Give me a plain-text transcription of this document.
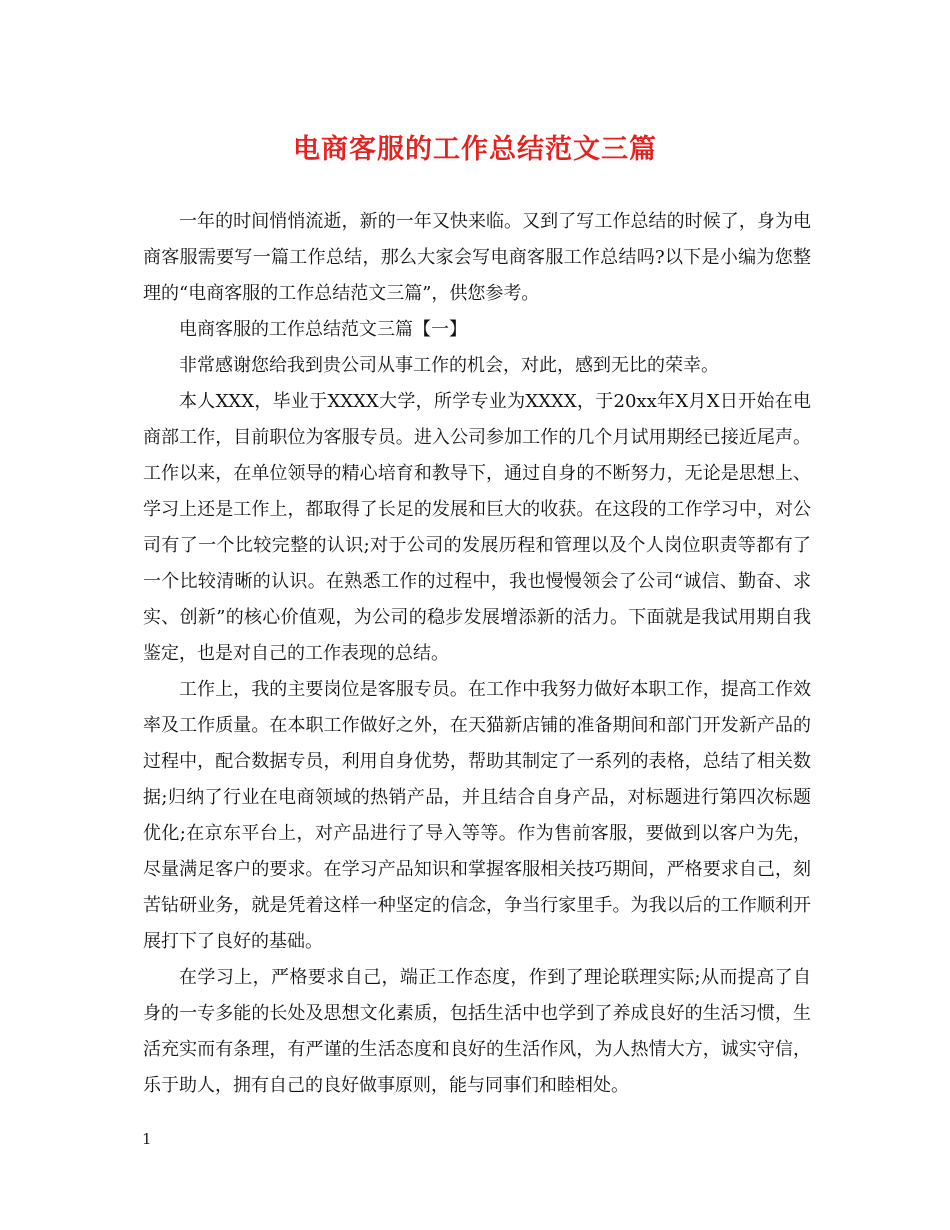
电商客服的工作总结范文三篇

一年的时间悄悄流逝，新的一年又快来临。又到了写工作总结的时候了，身为电商客服需要写一篇工作总结，那么大家会写电商客服工作总结吗?以下是小编为您整理的“电商客服的工作总结范文三篇”，供您参考。

电商客服的工作总结范文三篇【一】

非常感谢您给我到贵公司从事工作的机会，对此，感到无比的荣幸。

本人XXX，毕业于XXXX大学，所学专业为XXXX，于20xx年X月X日开始在电商部工作，目前职位为客服专员。进入公司参加工作的几个月试用期经已接近尾声。工作以来，在单位领导的精心培育和教导下，通过自身的不断努力，无论是思想上、学习上还是工作上，都取得了长足的发展和巨大的收获。在这段的工作学习中，对公司有了一个比较完整的认识;对于公司的发展历程和管理以及个人岗位职责等都有了一个比较清晰的认识。在熟悉工作的过程中，我也慢慢领会了公司“诚信、勤奋、求实、创新”的核心价值观，为公司的稳步发展增添新的活力。下面就是我试用期自我鉴定，也是对自己的工作表现的总结。

工作上，我的主要岗位是客服专员。在工作中我努力做好本职工作，提高工作效率及工作质量。在本职工作做好之外，在天猫新店铺的准备期间和部门开发新产品的过程中，配合数据专员，利用自身优势，帮助其制定了一系列的表格，总结了相关数据;归纳了行业在电商领域的热销产品，并且结合自身产品，对标题进行第四次标题优化;在京东平台上，对产品进行了导入等等。作为售前客服，要做到以客户为先，尽量满足客户的要求。在学习产品知识和掌握客服相关技巧期间，严格要求自己，刻苦钻研业务，就是凭着这样一种坚定的信念，争当行家里手。为我以后的工作顺利开展打下了良好的基础。

在学习上，严格要求自己，端正工作态度，作到了理论联理实际;从而提高了自身的一专多能的长处及思想文化素质，包括生活中也学到了养成良好的生活习惯，生活充实而有条理，有严谨的生活态度和良好的生活作风，为人热情大方，诚实守信，乐于助人，拥有自己的良好做事原则，能与同事们和睦相处。

1
